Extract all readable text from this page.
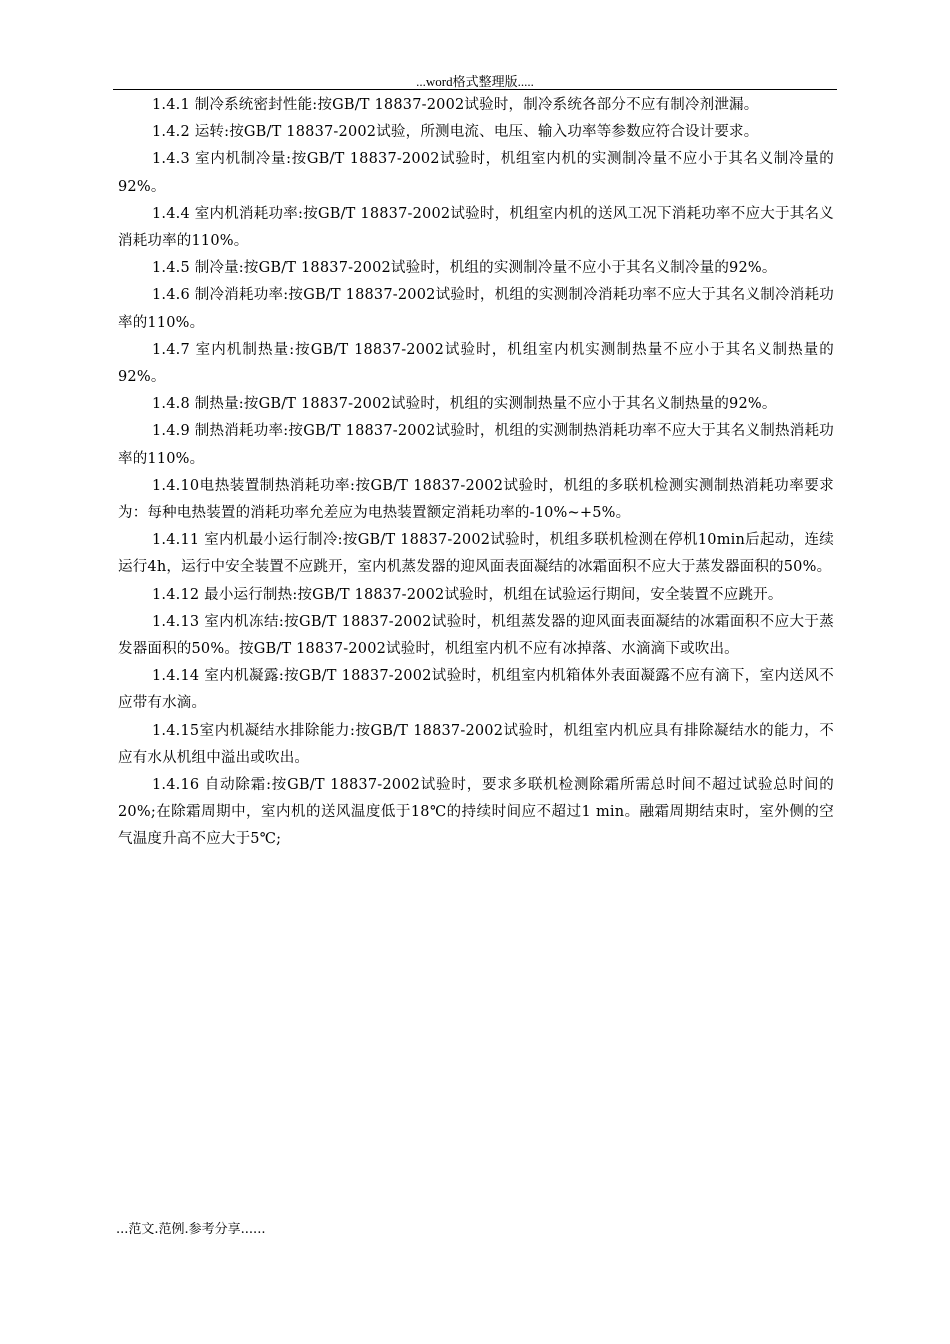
...word格式整理版.....

1.4.1 制冷系统密封性能:按GB/T 18837-2002试验时，制冷系统各部分不应有制冷剂泄漏。

1.4.2 运转:按GB/T 18837-2002试验，所测电流、电压、输入功率等参数应符合设计要求。

1.4.3 室内机制冷量:按GB/T 18837-2002试验时，机组室内机的实测制冷量不应小于其名义制冷量的92%。

1.4.4 室内机消耗功率:按GB/T 18837-2002试验时，机组室内机的送风工况下消耗功率不应大于其名义消耗功率的110%。

1.4.5 制冷量:按GB/T 18837-2002试验时，机组的实测制冷量不应小于其名义制冷量的92%。

1.4.6 制冷消耗功率:按GB/T 18837-2002试验时，机组的实测制冷消耗功率不应大于其名义制冷消耗功率的110%。

1.4.7 室内机制热量:按GB/T 18837-2002试验时，机组室内机实测制热量不应小于其名义制热量的92%。

1.4.8 制热量:按GB/T 18837-2002试验时，机组的实测制热量不应小于其名义制热量的92%。

1.4.9 制热消耗功率:按GB/T 18837-2002试验时，机组的实测制热消耗功率不应大于其名义制热消耗功率的110%。

1.4.10电热装置制热消耗功率:按GB/T 18837-2002试验时，机组的多联机检测实测制热消耗功率要求为：每种电热装置的消耗功率允差应为电热装置额定消耗功率的-10%~+5%。

1.4.11 室内机最小运行制冷:按GB/T 18837-2002试验时，机组多联机检测在停机10min后起动，连续运行4h，运行中安全装置不应跳开，室内机蒸发器的迎风面表面凝结的冰霜面积不应大于蒸发器面积的50%。

1.4.12 最小运行制热:按GB/T 18837-2002试验时，机组在试验运行期间，安全装置不应跳开。

1.4.13 室内机冻结:按GB/T 18837-2002试验时，机组蒸发器的迎风面表面凝结的冰霜面积不应大于蒸发器面积的50%。按GB/T 18837-2002试验时，机组室内机不应有冰掉落、水滴滴下或吹出。

1.4.14 室内机凝露:按GB/T 18837-2002试验时，机组室内机箱体外表面凝露不应有滴下，室内送风不应带有水滴。

1.4.15室内机凝结水排除能力:按GB/T 18837-2002试验时，机组室内机应具有排除凝结水的能力，不应有水从机组中溢出或吹出。

1.4.16 自动除霜:按GB/T 18837-2002试验时，要求多联机检测除霜所需总时间不超过试验总时间的20%;在除霜周期中，室内机的送风温度低于18℃的持续时间应不超过1 min。融霜周期结束时，室外侧的空气温度升高不应大于5℃;

...范文.范例.参考分享......
